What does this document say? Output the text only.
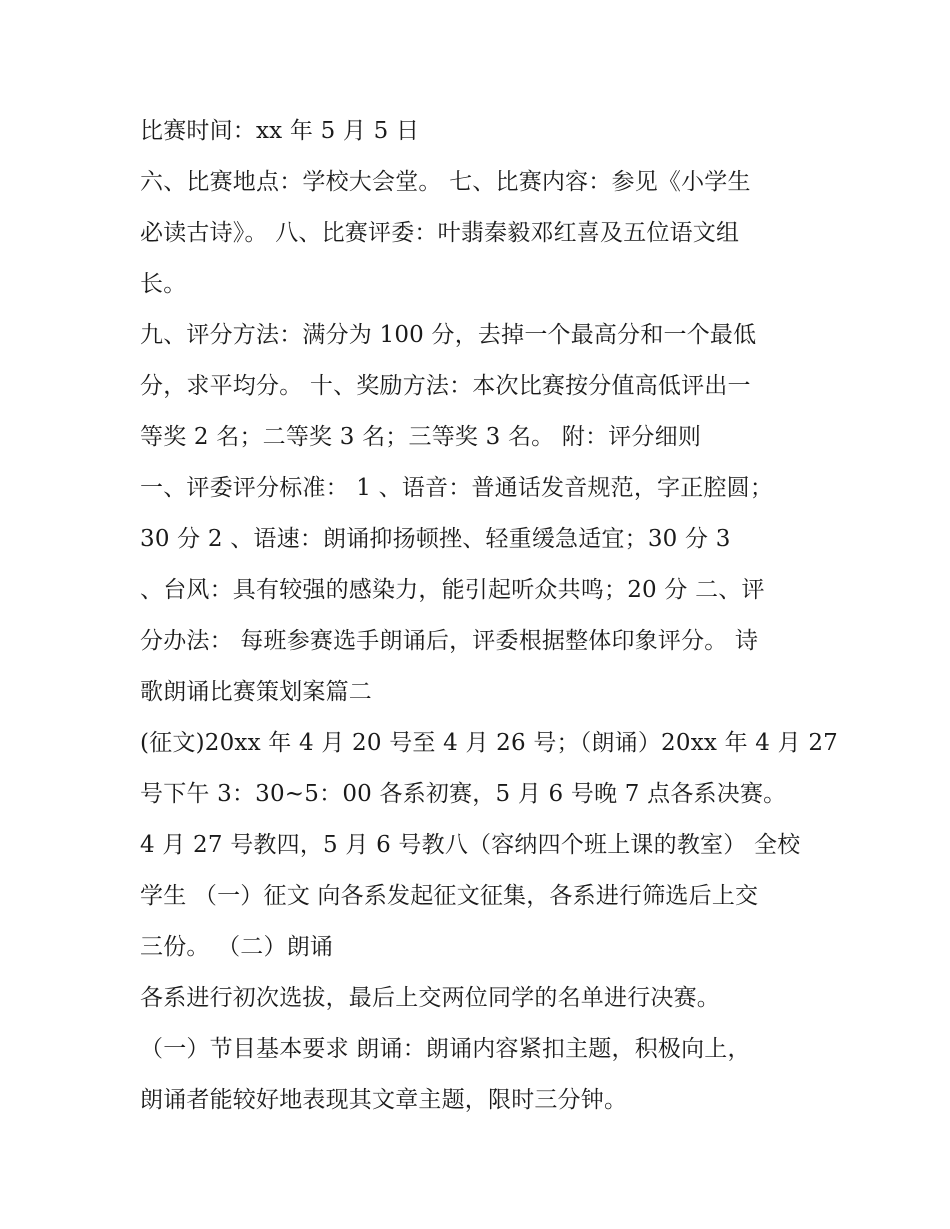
比赛时间：xx 年 5 月 5 日
六、比赛地点：学校大会堂。 七、比赛内容：参见《小学生
必读古诗》。 八、比赛评委：叶翡秦毅邓红喜及五位语文组
长。
九、评分方法：满分为 100 分，去掉一个最高分和一个最低
分，求平均分。 十、奖励方法：本次比赛按分值高低评出一
等奖 2 名；二等奖 3 名；三等奖 3 名。 附：评分细则
一、评委评分标准： 1 、语音：普通话发音规范，字正腔圆；
30 分 2 、语速：朗诵抑扬顿挫、轻重缓急适宜；30 分 3
、台风：具有较强的感染力，能引起听众共鸣；20 分 二、评
分办法： 每班参赛选手朗诵后，评委根据整体印象评分。 诗
歌朗诵比赛策划案篇二
(征文)20xx 年 4 月 20 号至 4 月 26 号；（朗诵）20xx 年 4 月 27
号下午 3：30~5：00 各系初赛，5 月 6 号晚 7 点各系决赛。
4 月 27 号教四，5 月 6 号教八（容纳四个班上课的教室） 全校
学生 （一）征文 向各系发起征文征集，各系进行筛选后上交
三份。 （二）朗诵
各系进行初次选拔，最后上交两位同学的名单进行决赛。
（一）节目基本要求 朗诵：朗诵内容紧扣主题，积极向上，
朗诵者能较好地表现其文章主题，限时三分钟。
